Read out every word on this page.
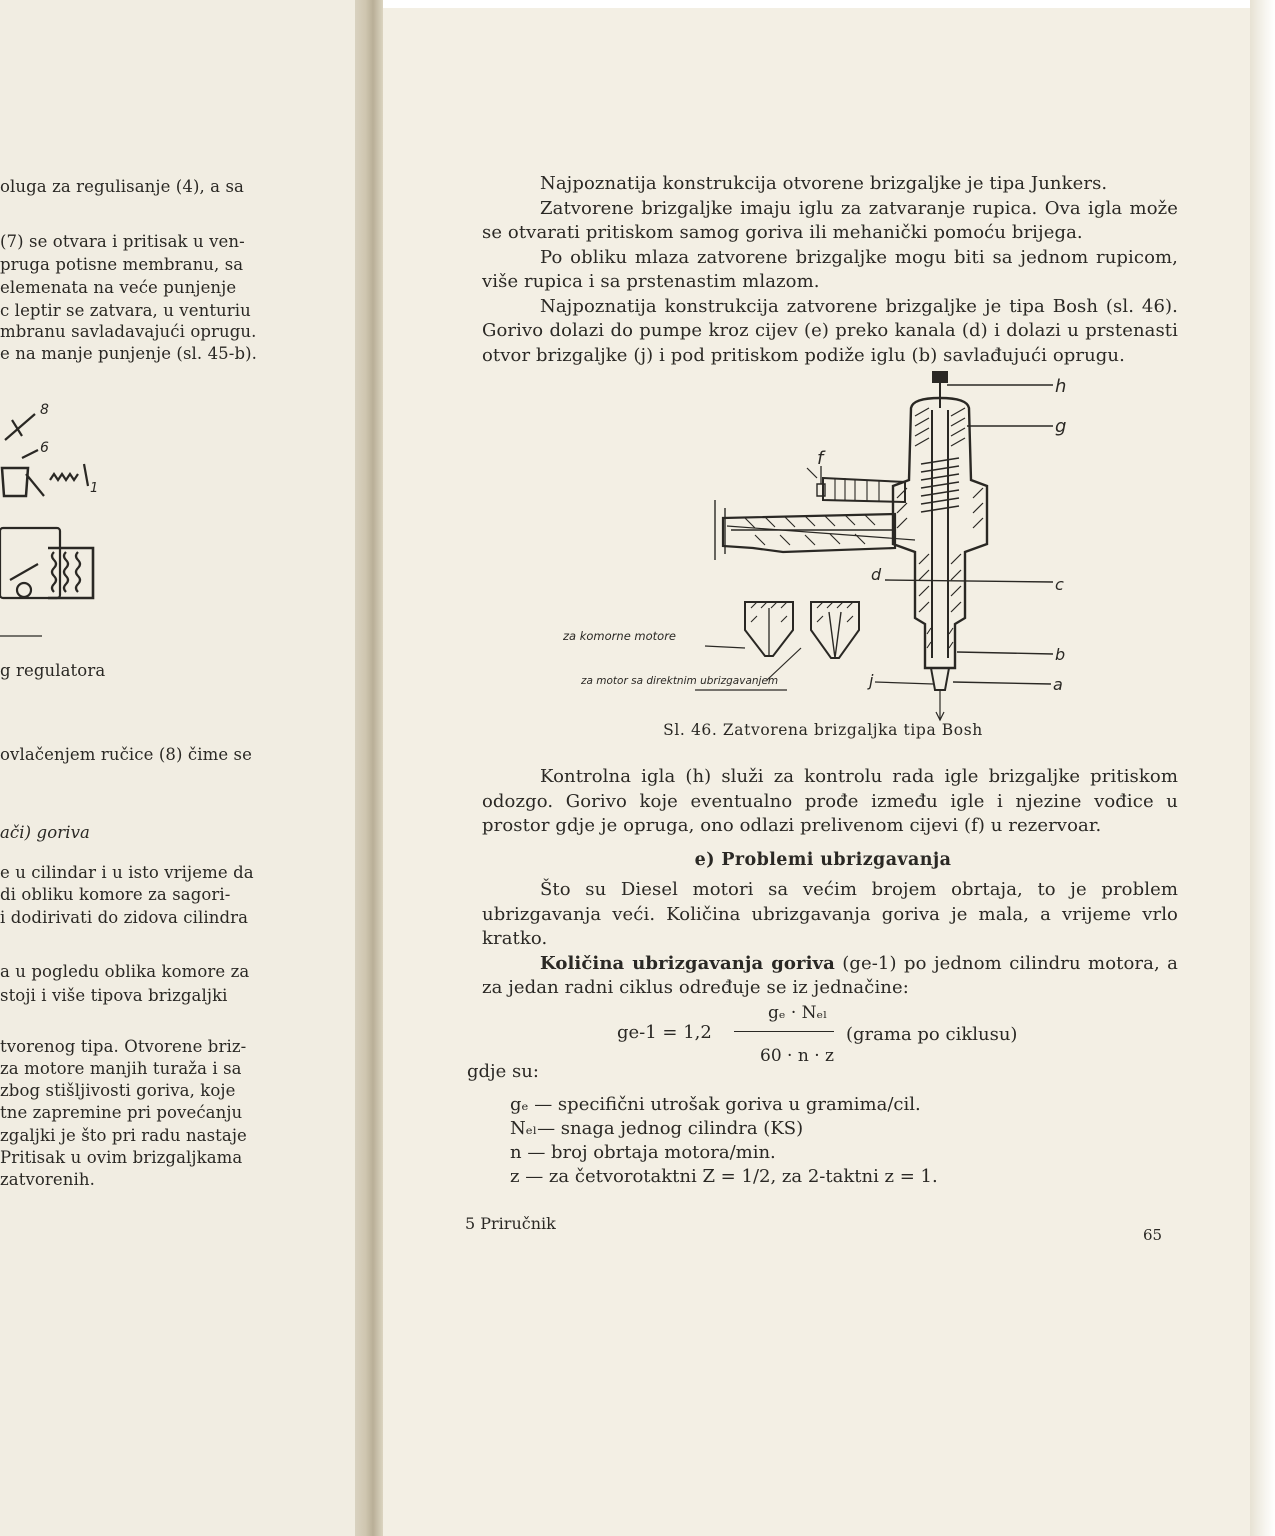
oluga za regulisanje (4), a sa
(7) se otvara i pritisak u ven-
pruga potisne membranu, sa
elemenata na veće punjenje
c leptir se zatvara, u venturiu
mbranu savladavajući oprugu.
e na manje punjenje (sl. 45-b).
8
6
1
g regulatora
ovlačenjem ručice (8) čime se
ači) goriva
e u cilindar i u isto vrijeme da
di obliku komore za sagori-
i dodirivati do zidova cilindra
a u pogledu oblika komore za
stoji i više tipova brizgaljki
tvorenog tipa. Otvorene briz-
za motore manjih turaža i sa
zbog stišljivosti goriva, koje
tne zapremine pri povećanju
zgaljki je što pri radu nastaje
Pritisak u ovim brizgaljkama
zatvorenih.

Najpoznatija konstrukcija otvorene brizgaljke je tipa Junkers.

Zatvorene brizgaljke imaju iglu za zatvaranje rupica. Ova igla može se otvarati pritiskom samog goriva ili mehanički pomoću brijega.

Po obliku mlaza zatvorene brizgaljke mogu biti sa jednom rupicom, više rupica i sa prstenastim mlazom.

Najpoznatija konstrukcija zatvorene brizgaljke je tipa Bosh (sl. 46). Gorivo dolazi do pumpe kroz cijev (e) preko kanala (d) i dolazi u prstenasti otvor brizgaljke (j) i pod pritiskom podiže iglu (b) savlađujući oprugu.

h
g
f
d
c
b
j	a
za komorne motore
za motor sa direktnim ubrizgavanjem
Sl. 46. Zatvorena brizgaljka tipa Bosh

Kontrolna igla (h) služi za kontrolu rada igle brizgaljke pritiskom odozgo. Gorivo koje eventualno prođe između igle i njezine vođice u prostor gdje je opruga, ono odlazi prelivenom cijevi (f) u rezervoar.

e) Problemi ubrizgavanja

Što su Diesel motori sa većim brojem obrtaja, to je problem ubrizgavanja veći. Količina ubrizgavanja goriva je mala, a vrijeme vrlo kratko.

Količina ubrizgavanja goriva (ge-1) po jednom cilindru motora, a za jedan radni ciklus određuje se iz jednačine:

ge-1 = 1,2
gₑ · Nₑₗ
60 · n · z
(grama po ciklusu)
gdje su:
gₑ — specifični utrošak goriva u gramima/cil.
Nₑₗ— snaga jednog cilindra (KS)
n — broj obrtaja motora/min.
z — za četvorotaktni Z = 1/2, za 2-taktni z = 1.
5 Priručnik
65
